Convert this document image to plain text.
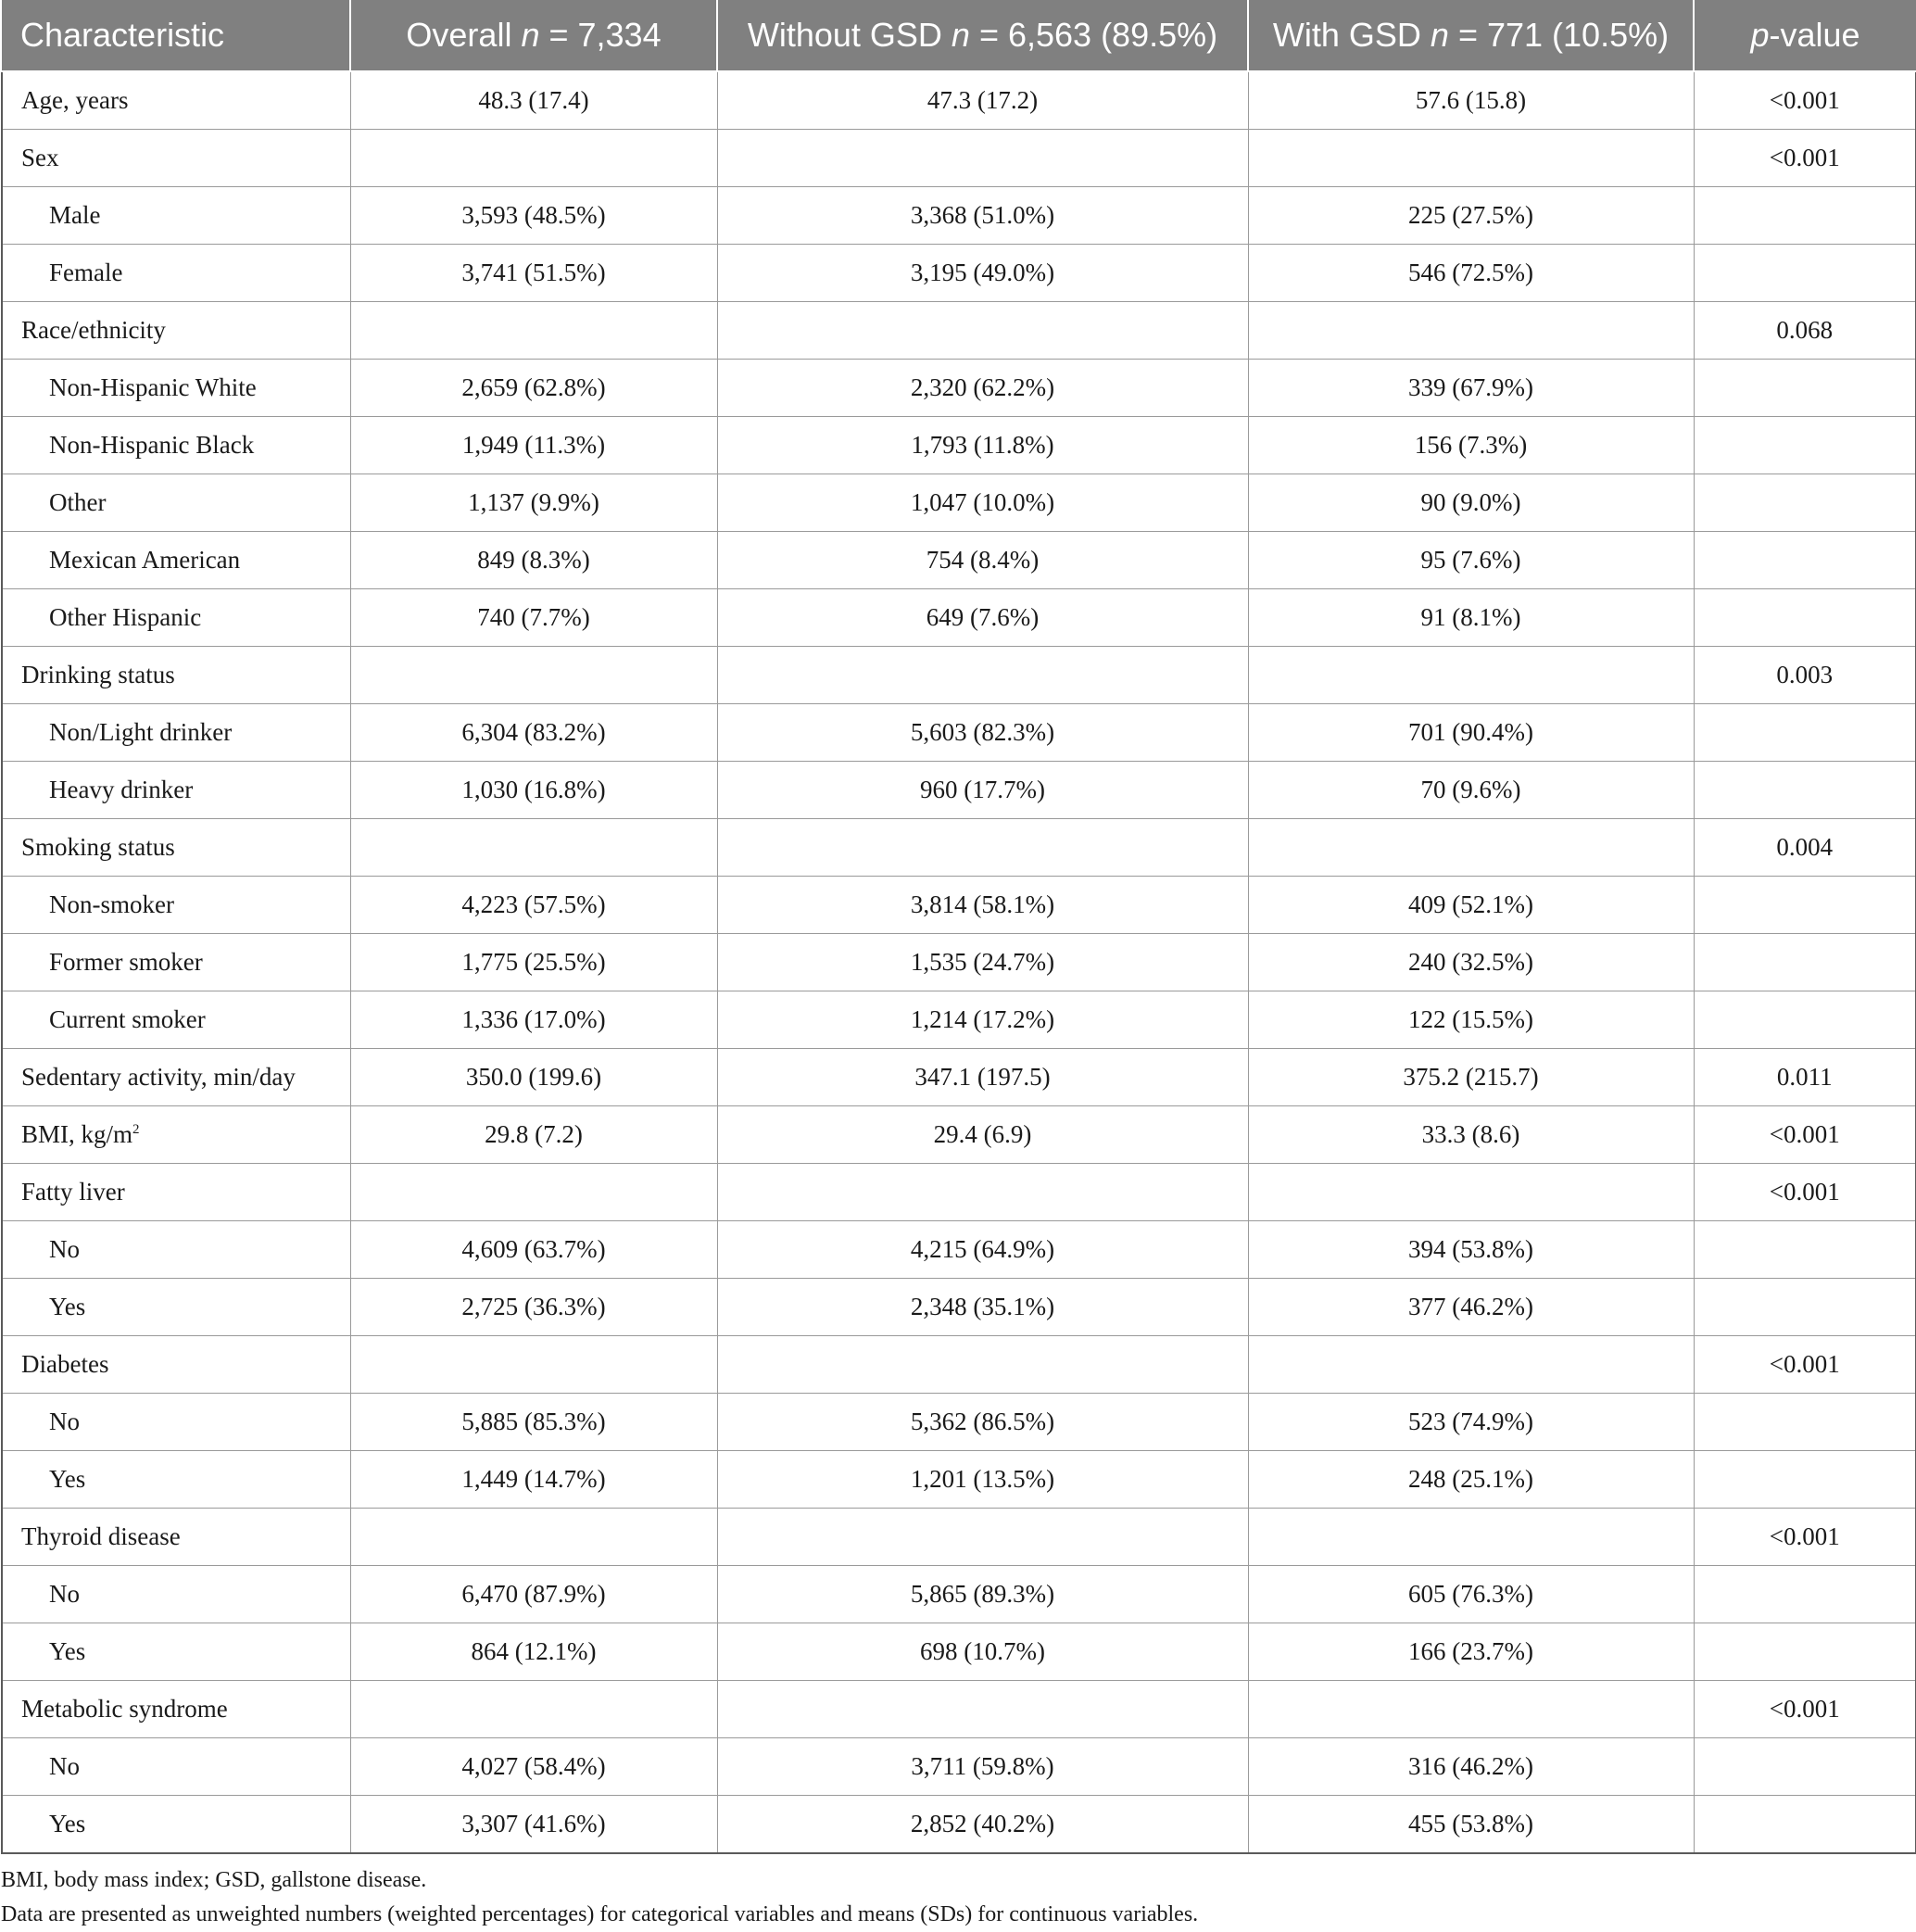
Characteristic	Overall n = 7,334	Without GSD n = 6,563 (89.5%)	With GSD n = 771 (10.5%)	p-value
Age, years	48.3 (17.4)	47.3 (17.2)	57.6 (15.8)	<0.001
Sex				<0.001
Male	3,593 (48.5%)	3,368 (51.0%)	225 (27.5%)	
Female	3,741 (51.5%)	3,195 (49.0%)	546 (72.5%)	
Race/ethnicity				0.068
Non-Hispanic White	2,659 (62.8%)	2,320 (62.2%)	339 (67.9%)	
Non-Hispanic Black	1,949 (11.3%)	1,793 (11.8%)	156 (7.3%)	
Other	1,137 (9.9%)	1,047 (10.0%)	90 (9.0%)	
Mexican American	849 (8.3%)	754 (8.4%)	95 (7.6%)	
Other Hispanic	740 (7.7%)	649 (7.6%)	91 (8.1%)	
Drinking status				0.003
Non/Light drinker	6,304 (83.2%)	5,603 (82.3%)	701 (90.4%)	
Heavy drinker	1,030 (16.8%)	960 (17.7%)	70 (9.6%)	
Smoking status				0.004
Non-smoker	4,223 (57.5%)	3,814 (58.1%)	409 (52.1%)	
Former smoker	1,775 (25.5%)	1,535 (24.7%)	240 (32.5%)	
Current smoker	1,336 (17.0%)	1,214 (17.2%)	122 (15.5%)	
Sedentary activity, min/day	350.0 (199.6)	347.1 (197.5)	375.2 (215.7)	0.011
BMI, $kg/m^2$	29.8 (7.2)	29.4 (6.9)	33.3 (8.6)	<0.001
Fatty liver				<0.001
No	4,609 (63.7%)	4,215 (64.9%)	394 (53.8%)	
Yes	2,725 (36.3%)	2,348 (35.1%)	377 (46.2%)	
Diabetes				<0.001
No	5,885 (85.3%)	5,362 (86.5%)	523 (74.9%)	
Yes	1,449 (14.7%)	1,201 (13.5%)	248 (25.1%)	
Thyroid disease				<0.001
No	6,470 (87.9%)	5,865 (89.3%)	605 (76.3%)	
Yes	864 (12.1%)	698 (10.7%)	166 (23.7%)	
Metabolic syndrome				<0.001
No	4,027 (58.4%)	3,711 (59.8%)	316 (46.2%)	
Yes	3,307 (41.6%)	2,852 (40.2%)	455 (53.8%)	

BMI, body mass index; GSD, gallstone disease.

Data are presented as unweighted numbers (weighted percentages) for categorical variables and means (SDs) for continuous variables.
